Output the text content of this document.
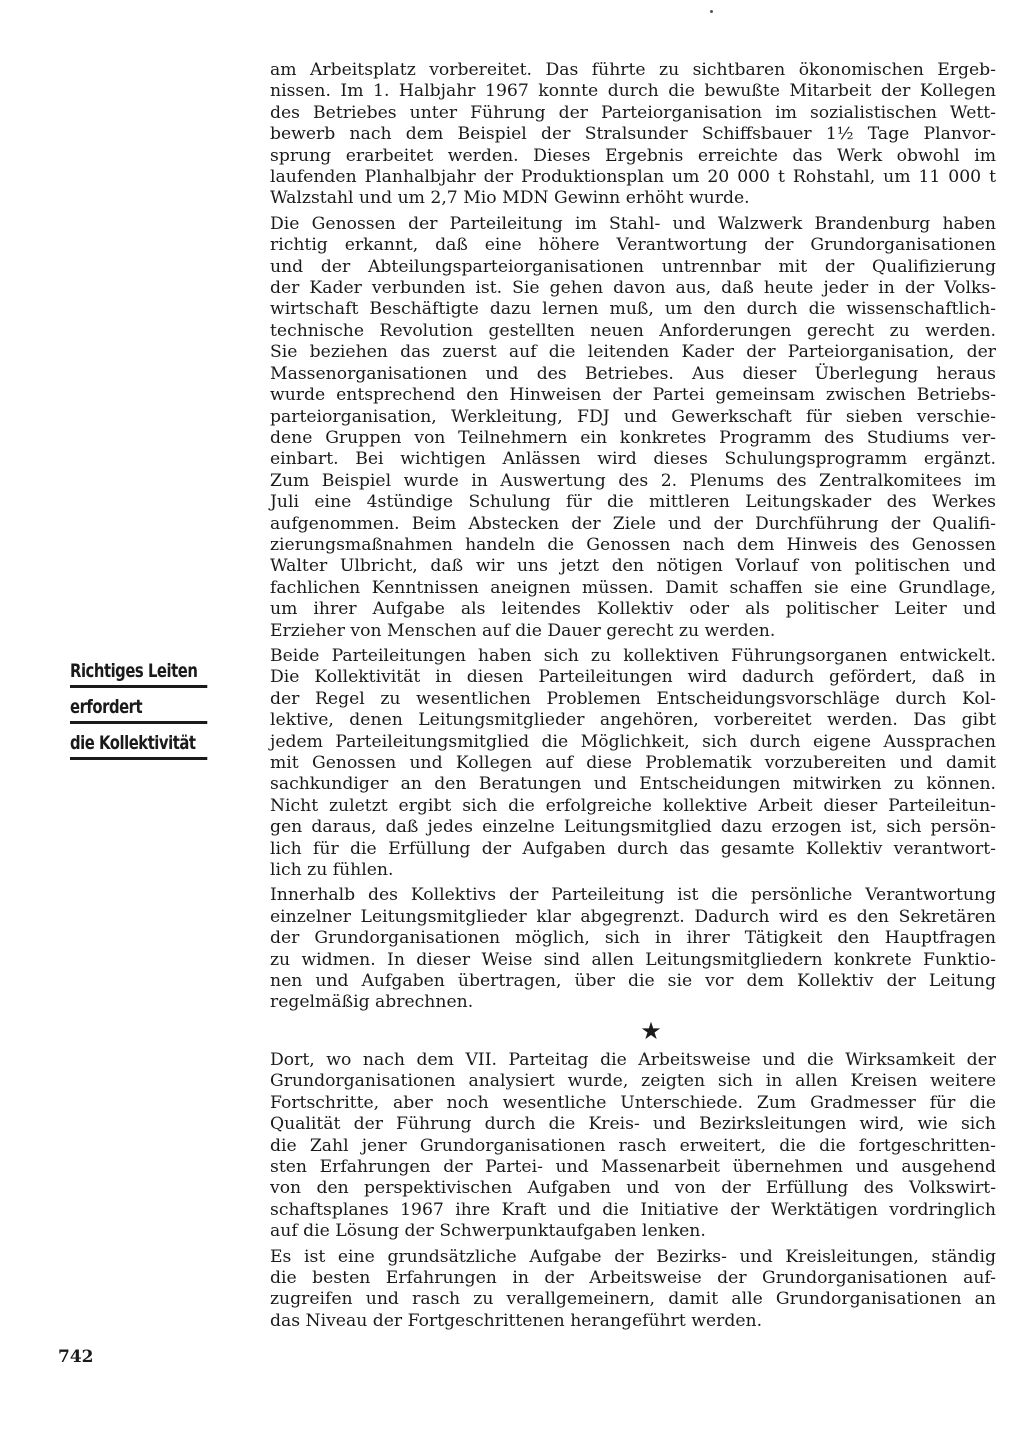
am Arbeitsplatz vorbereitet. Das führte zu sichtbaren ökonomischen Ergeb-
nissen. Im 1. Halbjahr 1967 konnte durch die bewußte Mitarbeit der Kollegen
des Betriebes unter Führung der Parteiorganisation im sozialistischen Wett-
bewerb nach dem Beispiel der Stralsunder Schiffsbauer 1½ Tage Planvor-
sprung erarbeitet werden. Dieses Ergebnis erreichte das Werk obwohl im
laufenden Planhalbjahr der Produktionsplan um 20 000 t Rohstahl, um 11 000 t
Walzstahl und um 2,7 Mio MDN Gewinn erhöht wurde.

Die Genossen der Parteileitung im Stahl- und Walzwerk Brandenburg haben
richtig erkannt, daß eine höhere Verantwortung der Grundorganisationen
und der Abteilungsparteiorganisationen untrennbar mit der Qualifizierung
der Kader verbunden ist. Sie gehen davon aus, daß heute jeder in der Volks-
wirtschaft Beschäftigte dazu lernen muß, um den durch die wissenschaftlich-
technische Revolution gestellten neuen Anforderungen gerecht zu werden.
Sie beziehen das zuerst auf die leitenden Kader der Parteiorganisation, der
Massenorganisationen und des Betriebes. Aus dieser Überlegung heraus
wurde entsprechend den Hinweisen der Partei gemeinsam zwischen Betriebs-
parteiorganisation, Werkleitung, FDJ und Gewerkschaft für sieben verschie-
dene Gruppen von Teilnehmern ein konkretes Programm des Studiums ver-
einbart. Bei wichtigen Anlässen wird dieses Schulungsprogramm ergänzt.
Zum Beispiel wurde in Auswertung des 2. Plenums des Zentralkomitees im
Juli eine 4stündige Schulung für die mittleren Leitungskader des Werkes
aufgenommen. Beim Abstecken der Ziele und der Durchführung der Qualifi-
zierungsmaßnahmen handeln die Genossen nach dem Hinweis des Genossen
Walter Ulbricht, daß wir uns jetzt den nötigen Vorlauf von politischen und
fachlichen Kenntnissen aneignen müssen. Damit schaffen sie eine Grundlage,
um ihrer Aufgabe als leitendes Kollektiv oder als politischer Leiter und
Erzieher von Menschen auf die Dauer gerecht zu werden.

Beide Parteileitungen haben sich zu kollektiven Führungsorganen entwickelt.
Die Kollektivität in diesen Parteileitungen wird dadurch gefördert, daß in
der Regel zu wesentlichen Problemen Entscheidungsvorschläge durch Kol-
lektive, denen Leitungsmitglieder angehören, vorbereitet werden. Das gibt
jedem Parteileitungsmitglied die Möglichkeit, sich durch eigene Aussprachen
mit Genossen und Kollegen auf diese Problematik vorzubereiten und damit
sachkundiger an den Beratungen und Entscheidungen mitwirken zu können.
Nicht zuletzt ergibt sich die erfolgreiche kollektive Arbeit dieser Parteileitun-
gen daraus, daß jedes einzelne Leitungsmitglied dazu erzogen ist, sich persön-
lich für die Erfüllung der Aufgaben durch das gesamte Kollektiv verantwort-
lich zu fühlen.

Innerhalb des Kollektivs der Parteileitung ist die persönliche Verantwortung
einzelner Leitungsmitglieder klar abgegrenzt. Dadurch wird es den Sekretären
der Grundorganisationen möglich, sich in ihrer Tätigkeit den Hauptfragen
zu widmen. In dieser Weise sind allen Leitungsmitgliedern konkrete Funktio-
nen und Aufgaben übertragen, über die sie vor dem Kollektiv der Leitung
regelmäßig abrechnen.

★

Dort, wo nach dem VII. Parteitag die Arbeitsweise und die Wirksamkeit der
Grundorganisationen analysiert wurde, zeigten sich in allen Kreisen weitere
Fortschritte, aber noch wesentliche Unterschiede. Zum Gradmesser für die
Qualität der Führung durch die Kreis- und Bezirksleitungen wird, wie sich
die Zahl jener Grundorganisationen rasch erweitert, die die fortgeschritten-
sten Erfahrungen der Partei- und Massenarbeit übernehmen und ausgehend
von den perspektivischen Aufgaben und von der Erfüllung des Volkswirt-
schaftsplanes 1967 ihre Kraft und die Initiative der Werktätigen vordringlich
auf die Lösung der Schwerpunktaufgaben lenken.

Es ist eine grundsätzliche Aufgabe der Bezirks- und Kreisleitungen, ständig
die besten Erfahrungen in der Arbeitsweise der Grundorganisationen auf-
zugreifen und rasch zu verallgemeinern, damit alle Grundorganisationen an
das Niveau der Fortgeschrittenen herangeführt werden.

Richtiges Leiten
erfordert
die Kollektivität
742
